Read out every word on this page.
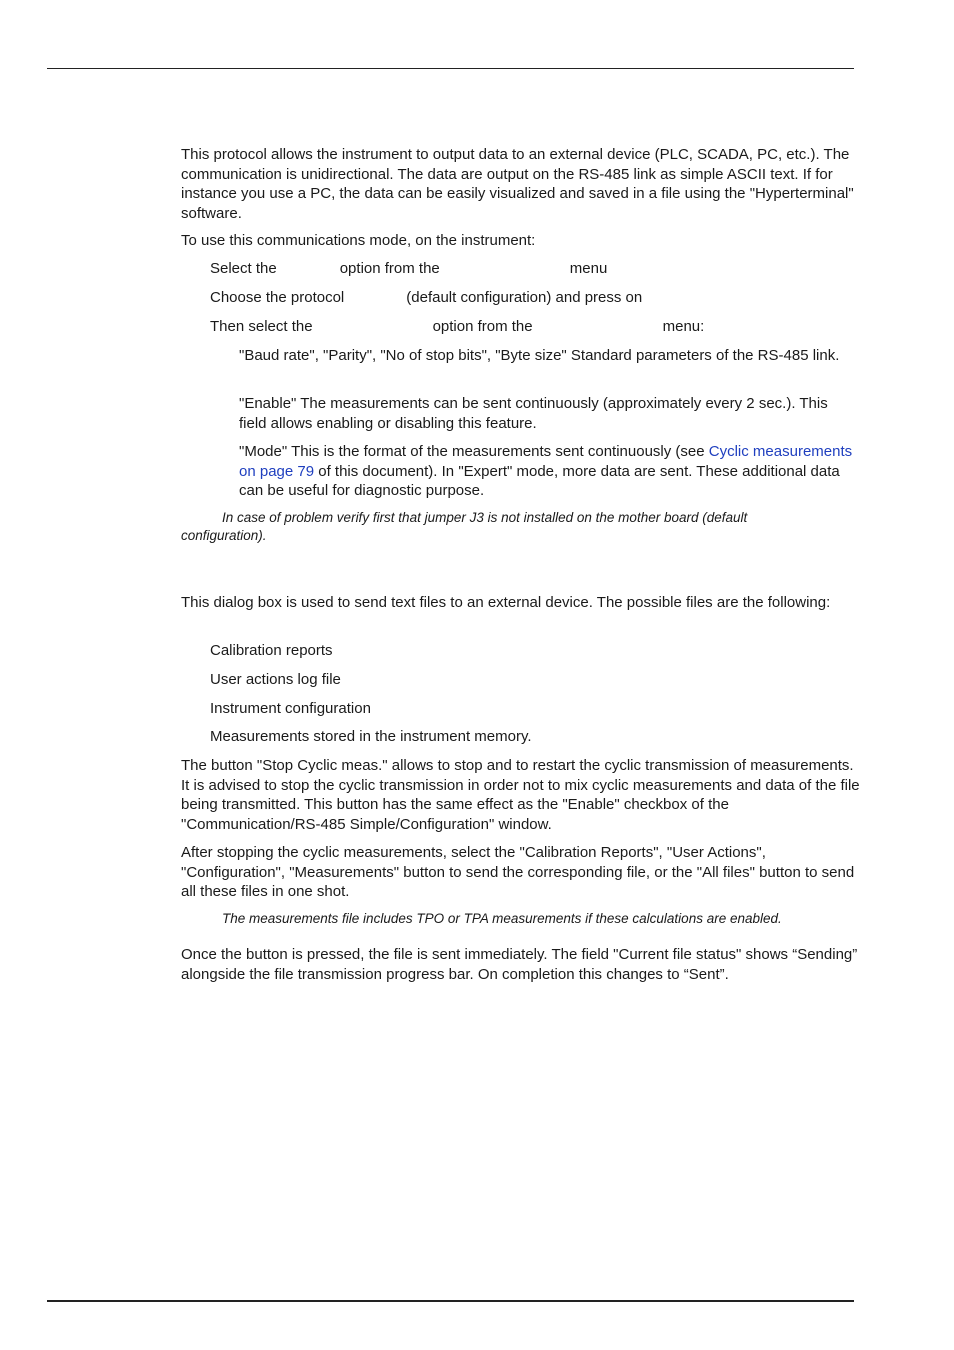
This protocol allows the instrument to output data to an external device (PLC, SCADA, PC, etc.). The communication is unidirectional. The data are output on the RS-485 link as simple ASCII text. If for instance you use a PC, the data can be easily visualized and saved in a file using the "Hyperterminal" software.

To use this communications mode, on the instrument:

Select the	option from the	menu

Choose the protocol	(default configuration) and press on

Then select the	option from the	menu:

"Baud rate", "Parity", "No of stop bits", "Byte size" Standard parameters of the RS-485 link.

"Enable" The measurements can be sent continuously (approximately every 2 sec.). This field allows enabling or disabling this feature.

"Mode" This is the format of the measurements sent continuously (see Cyclic measurements on page 79 of this document). In "Expert" mode, more data are sent. These additional data can be useful for diagnostic purpose.

In case of problem verify first that jumper J3 is not installed on the mother board (default configuration).

This dialog box is used to send text files to an external device. The possible files are the following:

Calibration reports

User actions log file

Instrument configuration

Measurements stored in the instrument memory.

The button "Stop Cyclic meas." allows to stop and to restart the cyclic transmission of measurements. It is advised to stop the cyclic transmission in order not to mix cyclic measurements and data of the file being transmitted. This button has the same effect as the "Enable" checkbox of the "Communication/RS-485 Simple/Configuration" window.

After stopping the cyclic measurements, select the "Calibration Reports", "User Actions", "Configuration", "Measurements" button to send the corresponding file, or the "All files" button to send all these files in one shot.

The measurements file includes TPO or TPA measurements if these calculations are enabled.

Once the button is pressed, the file is sent immediately. The field "Current file status" shows “Sending” alongside the file transmission progress bar. On completion this changes to “Sent”.
